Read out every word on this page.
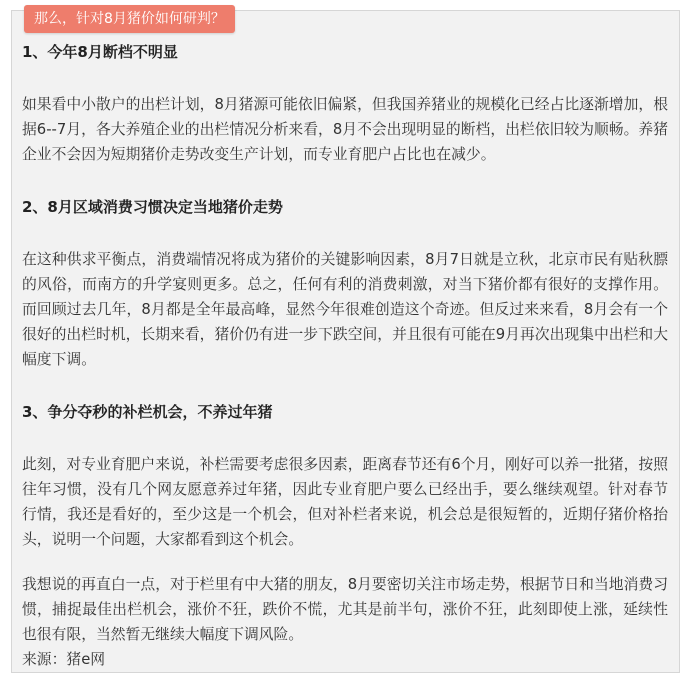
那么，针对8月猪价如何研判？
1、今年8月断档不明显

如果看中小散户的出栏计划，8月猪源可能依旧偏紧，但我国养猪业的规模化已经占比逐渐增加，根据6--7月，各大养殖企业的出栏情况分析来看，8月不会出现明显的断档，出栏依旧较为顺畅。养猪企业不会因为短期猪价走势改变生产计划，而专业育肥户占比也在减少。

2、8月区域消费习惯决定当地猪价走势

在这种供求平衡点，消费端情况将成为猪价的关键影响因素，8月7日就是立秋，北京市民有贴秋膘的风俗，而南方的升学宴则更多。总之，任何有利的消费刺激，对当下猪价都有很好的支撑作用。而回顾过去几年，8月都是全年最高峰，显然今年很难创造这个奇迹。但反过来来看，8月会有一个很好的出栏时机，长期来看，猪价仍有进一步下跌空间，并且很有可能在9月再次出现集中出栏和大幅度下调。

3、争分夺秒的补栏机会，不养过年猪

此刻，对专业育肥户来说，补栏需要考虑很多因素，距离春节还有6个月，刚好可以养一批猪，按照往年习惯，没有几个网友愿意养过年猪，因此专业育肥户要么已经出手，要么继续观望。针对春节行情，我还是看好的，至少这是一个机会，但对补栏者来说，机会总是很短暂的，近期仔猪价格抬头，说明一个问题，大家都看到这个机会。

我想说的再直白一点，对于栏里有中大猪的朋友，8月要密切关注市场走势，根据节日和当地消费习惯，捕捉最佳出栏机会，涨价不狂，跌价不慌，尤其是前半句，涨价不狂，此刻即使上涨，延续性也很有限，当然暂无继续大幅度下调风险。

来源：猪e网
